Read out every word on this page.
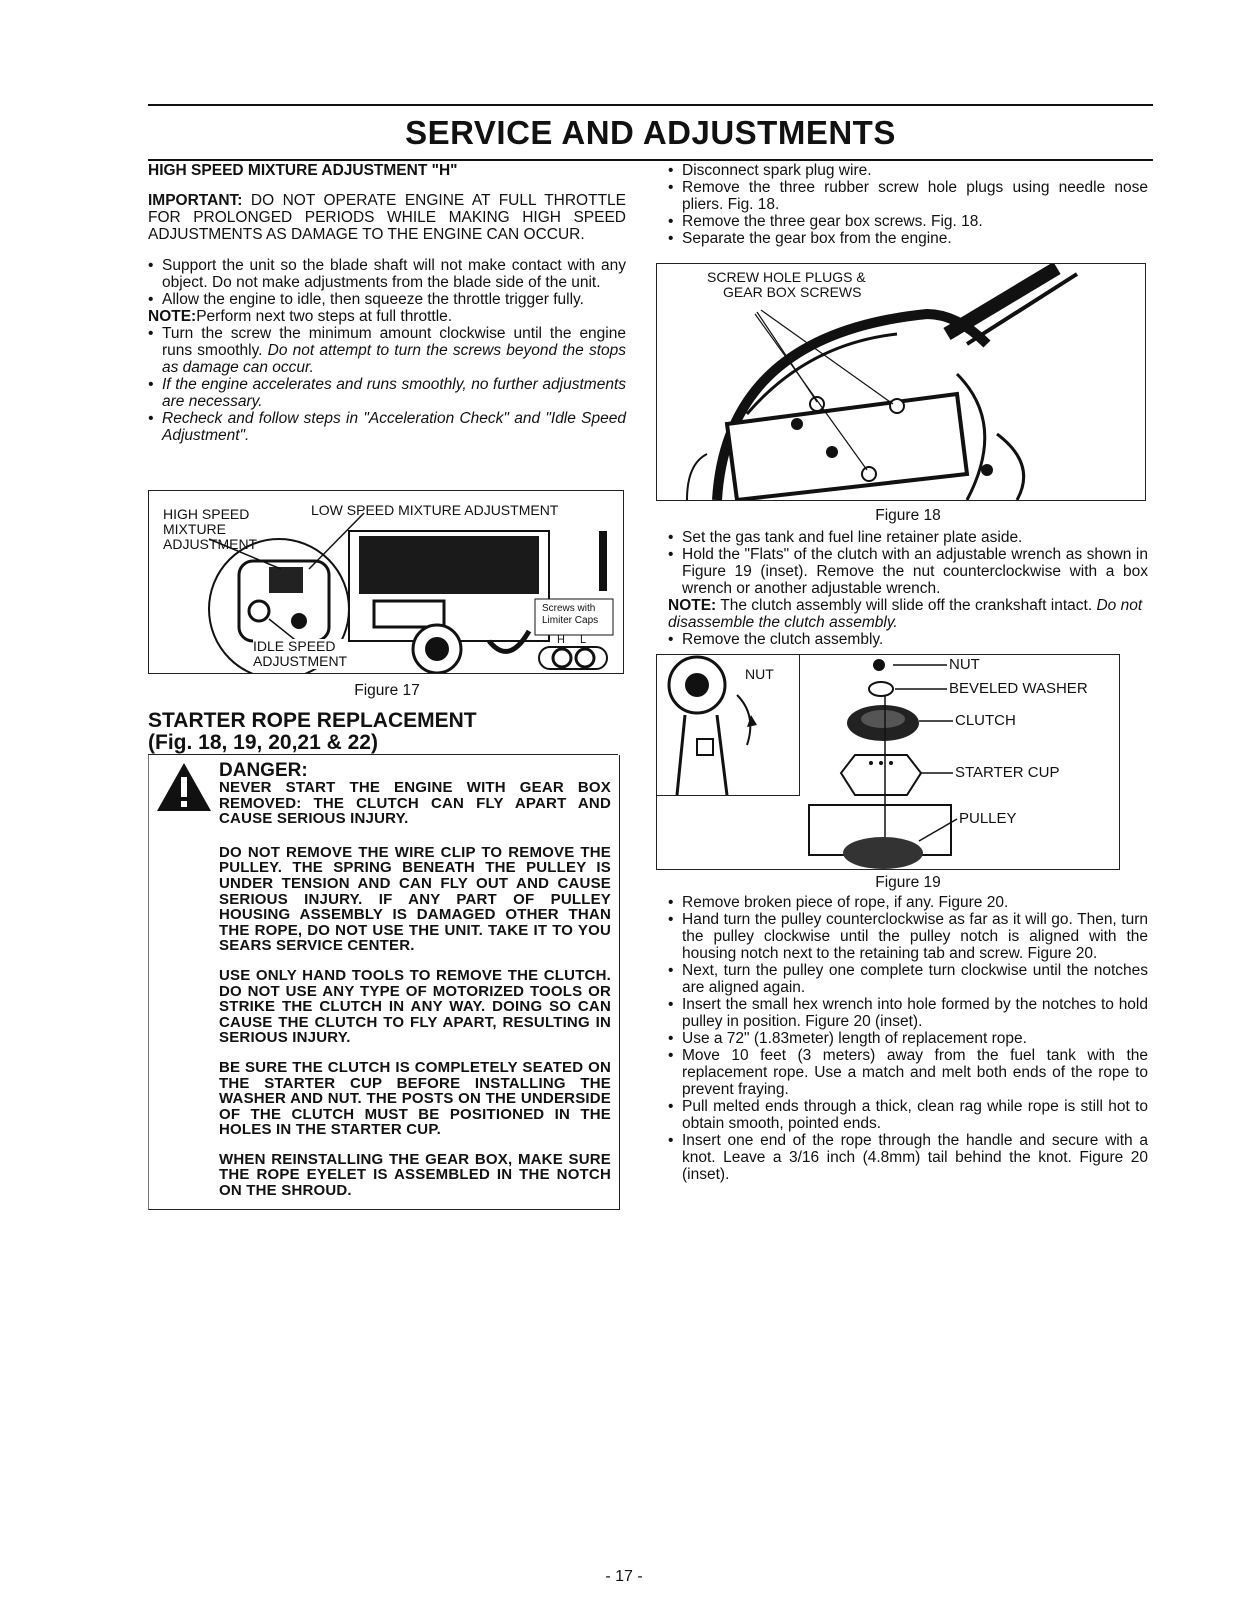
SERVICE AND ADJUSTMENTS

HIGH SPEED MIXTURE ADJUSTMENT "H"

IMPORTANT: DO NOT OPERATE ENGINE AT FULL THROTTLE FOR PROLONGED PERIODS WHILE MAKING HIGH SPEED ADJUSTMENTS AS DAMAGE TO THE ENGINE CAN OCCUR.

• Support the unit so the blade shaft will not make contact with any object. Do not make adjustments from the blade side of the unit.
• Allow the engine to idle, then squeeze the throttle trigger fully.

NOTE:Perform next two steps at full throttle.

• Turn the screw the minimum amount clockwise until the engine runs smoothly. Do not attempt to turn the screws beyond the stops as damage can occur.
• If the engine accelerates and runs smoothly, no further adjustments are necessary.
• Recheck and follow steps in "Acceleration Check" and "Idle Speed Adjustment".
HIGH SPEED
MIXTURE
ADJUSTMENT
LOW SPEED MIXTURE ADJUSTMENT
IDLE SPEED
ADJUSTMENT
Screws with
Limiter Caps
H L

Figure 17

STARTER ROPE REPLACEMENT
(Fig. 18, 19, 20,21 & 22)

DANGER:

NEVER START THE ENGINE WITH GEAR BOX REMOVED: THE CLUTCH CAN FLY APART AND CAUSE SERIOUS INJURY.

DO NOT REMOVE THE WIRE CLIP TO REMOVE THE PULLEY. THE SPRING BENEATH THE PULLEY IS UNDER TENSION AND CAN FLY OUT AND CAUSE SERIOUS INJURY. IF ANY PART OF PULLEY HOUSING ASSEMBLY IS DAMAGED OTHER THAN THE ROPE, DO NOT USE THE UNIT. TAKE IT TO YOU SEARS SERVICE CENTER.

USE ONLY HAND TOOLS TO REMOVE THE CLUTCH. DO NOT USE ANY TYPE OF MOTORIZED TOOLS OR STRIKE THE CLUTCH IN ANY WAY. DOING SO CAN CAUSE THE CLUTCH TO FLY APART, RESULTING IN SERIOUS INJURY.

BE SURE THE CLUTCH IS COMPLETELY SEATED ON THE STARTER CUP BEFORE INSTALLING THE WASHER AND NUT. THE POSTS ON THE UNDERSIDE OF THE CLUTCH MUST BE POSITIONED IN THE HOLES IN THE STARTER CUP.

WHEN REINSTALLING THE GEAR BOX, MAKE SURE THE ROPE EYELET IS ASSEMBLED IN THE NOTCH ON THE SHROUD.

• Disconnect spark plug wire.
• Remove the three rubber screw hole plugs using needle nose pliers. Fig. 18.
• Remove the three gear box screws. Fig. 18.
• Separate the gear box from the engine.
SCREW HOLE PLUGS &
GEAR BOX SCREWS

Figure 18

• Set the gas tank and fuel line retainer plate aside.
• Hold the "Flats" of the clutch with an adjustable wrench as shown in Figure 19 (inset). Remove the nut counterclockwise with a box wrench or another adjustable wrench.

NOTE: The clutch assembly will slide off the crankshaft intact. Do not disassemble the clutch assembly.

• Remove the clutch assembly.
NUT
NUT
BEVELED WASHER
CLUTCH
STARTER CUP
PULLEY

Figure 19

• Remove broken piece of rope, if any. Figure 20.
• Hand turn the pulley counterclockwise as far as it will go. Then, turn the pulley clockwise until the pulley notch is aligned with the housing notch next to the retaining tab and screw. Figure 20.
• Next, turn the pulley one complete turn clockwise until the notches are aligned again.
• Insert the small hex wrench into hole formed by the notches to hold pulley in position. Figure 20 (inset).
• Use a 72" (1.83meter) length of replacement rope.
• Move 10 feet (3 meters) away from the fuel tank with the replacement rope. Use a match and melt both ends of the rope to prevent fraying.
• Pull melted ends through a thick, clean rag while rope is still hot to obtain smooth, pointed ends.
• Insert one end of the rope through the handle and secure with a knot. Leave a 3/16 inch (4.8mm) tail behind the knot. Figure 20 (inset).
- 17 -
